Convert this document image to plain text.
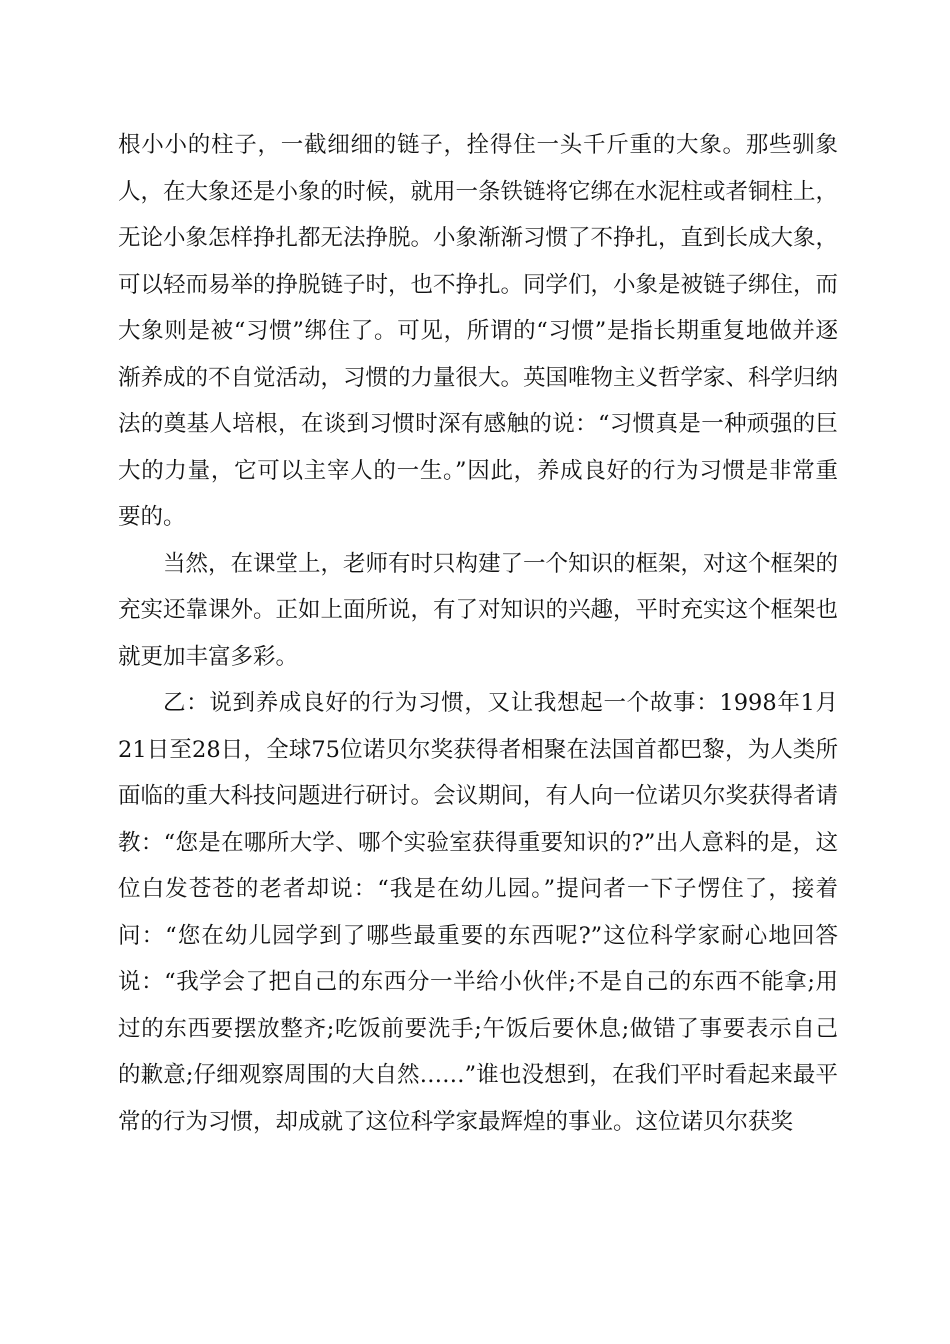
根小小的柱子，一截细细的链子，拴得住一头千斤重的大象。那些驯象人，在大象还是小象的时候，就用一条铁链将它绑在水泥柱或者铜柱上，无论小象怎样挣扎都无法挣脱。小象渐渐习惯了不挣扎，直到长成大象，可以轻而易举的挣脱链子时，也不挣扎。同学们，小象是被链子绑住，而大象则是被“习惯”绑住了。可见，所谓的“习惯”是指长期重复地做并逐渐养成的不自觉活动，习惯的力量很大。英国唯物主义哲学家、科学归纳法的奠基人培根，在谈到习惯时深有感触的说：“习惯真是一种顽强的巨大的力量，它可以主宰人的一生。”因此，养成良好的行为习惯是非常重要的。

当然，在课堂上，老师有时只构建了一个知识的框架，对这个框架的充实还靠课外。正如上面所说，有了对知识的兴趣，平时充实这个框架也就更加丰富多彩。

乙：说到养成良好的行为习惯，又让我想起一个故事：1998年1月21日至28日，全球75位诺贝尔奖获得者相聚在法国首都巴黎，为人类所面临的重大科技问题进行研讨。会议期间，有人向一位诺贝尔奖获得者请教：“您是在哪所大学、哪个实验室获得重要知识的?”出人意料的是，这位白发苍苍的老者却说：“我是在幼儿园。”提问者一下子愣住了，接着问：“您在幼儿园学到了哪些最重要的东西呢?”这位科学家耐心地回答说：“我学会了把自己的东西分一半给小伙伴;不是自己的东西不能拿;用过的东西要摆放整齐;吃饭前要洗手;午饭后要休息;做错了事要表示自己的歉意;仔细观察周围的大自然……”谁也没想到，在我们平时看起来最平常的行为习惯，却成就了这位科学家最辉煌的事业。这位诺贝尔获奖
